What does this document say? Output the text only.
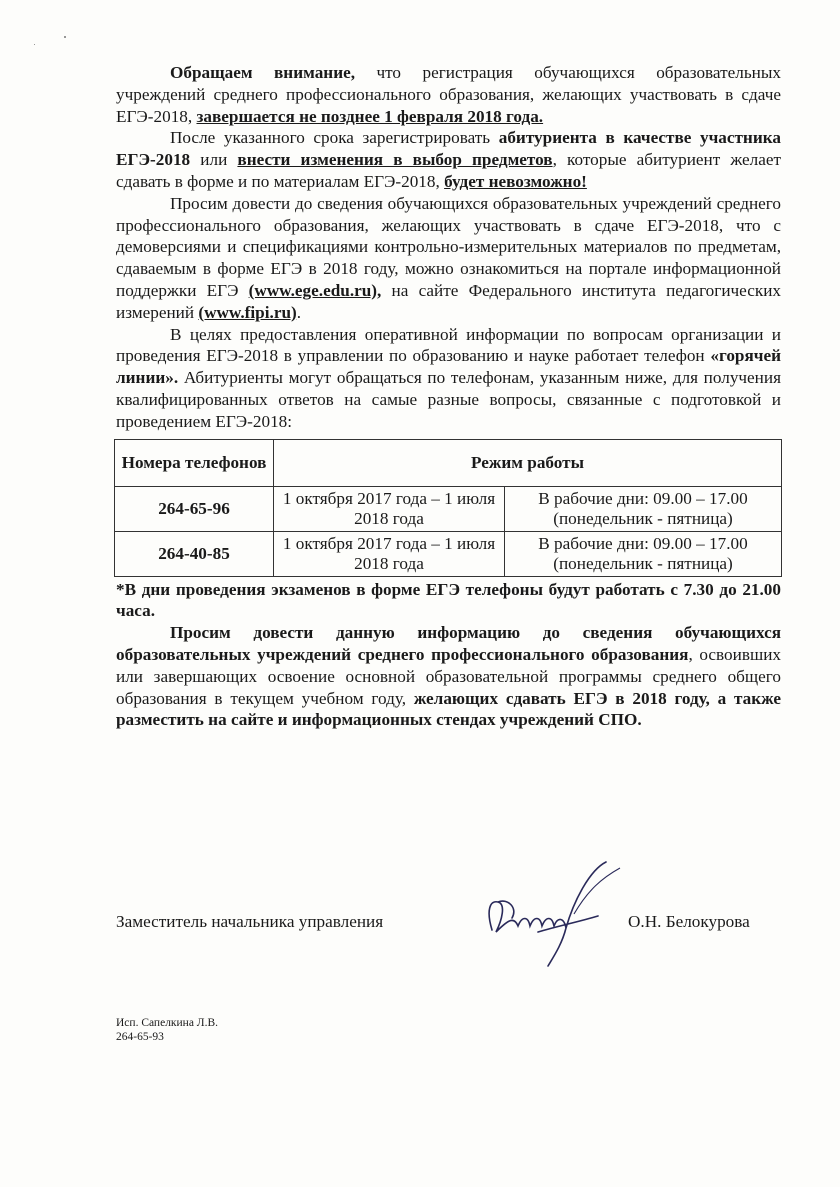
Обращаем внимание, что регистрация обучающихся образовательных учреждений среднего профессионального образования, желающих участвовать в сдаче ЕГЭ-2018, завершается не позднее 1 февраля 2018 года.

После указанного срока зарегистрировать абитуриента в качестве участника ЕГЭ-2018 или внести изменения в выбор предметов, которые абитуриент желает сдавать в форме и по материалам ЕГЭ-2018, будет невозможно!

Просим довести до сведения обучающихся образовательных учреждений среднего профессионального образования, желающих участвовать в сдаче ЕГЭ-2018, что с демоверсиями и спецификациями контрольно-измерительных материалов по предметам, сдаваемым в форме ЕГЭ в 2018 году, можно ознакомиться на портале информационной поддержки ЕГЭ (www.ege.edu.ru), на сайте Федерального института педагогических измерений (www.fipi.ru).

В целях предоставления оперативной информации по вопросам организации и проведения ЕГЭ-2018 в управлении по образованию и науке работает телефон «горячей линии». Абитуриенты могут обращаться по телефонам, указанным ниже, для получения квалифицированных ответов на самые разные вопросы, связанные с подготовкой и проведением ЕГЭ-2018:

Номера телефонов	Режим работы	
264-65-96	1 октября 2017 года – 1 июля 2018 года	В рабочие дни: 09.00 – 17.00 (понедельник - пятница)
264-40-85	1 октября 2017 года – 1 июля 2018 года	В рабочие дни: 09.00 – 17.00 (понедельник - пятница)

*В дни проведения экзаменов в форме ЕГЭ телефоны будут работать с 7.30 до 21.00 часа.

Просим довести данную информацию до сведения обучающихся образовательных учреждений среднего профессионального образования, освоивших или завершающих освоение основной образовательной программы среднего общего образования в текущем учебном году, желающих сдавать ЕГЭ в 2018 году, а также разместить на сайте и информационных стендах учреждений СПО.

Заместитель начальника управления	О.Н. Белокурова
Исп. Сапелкина Л.В.
264-65-93
